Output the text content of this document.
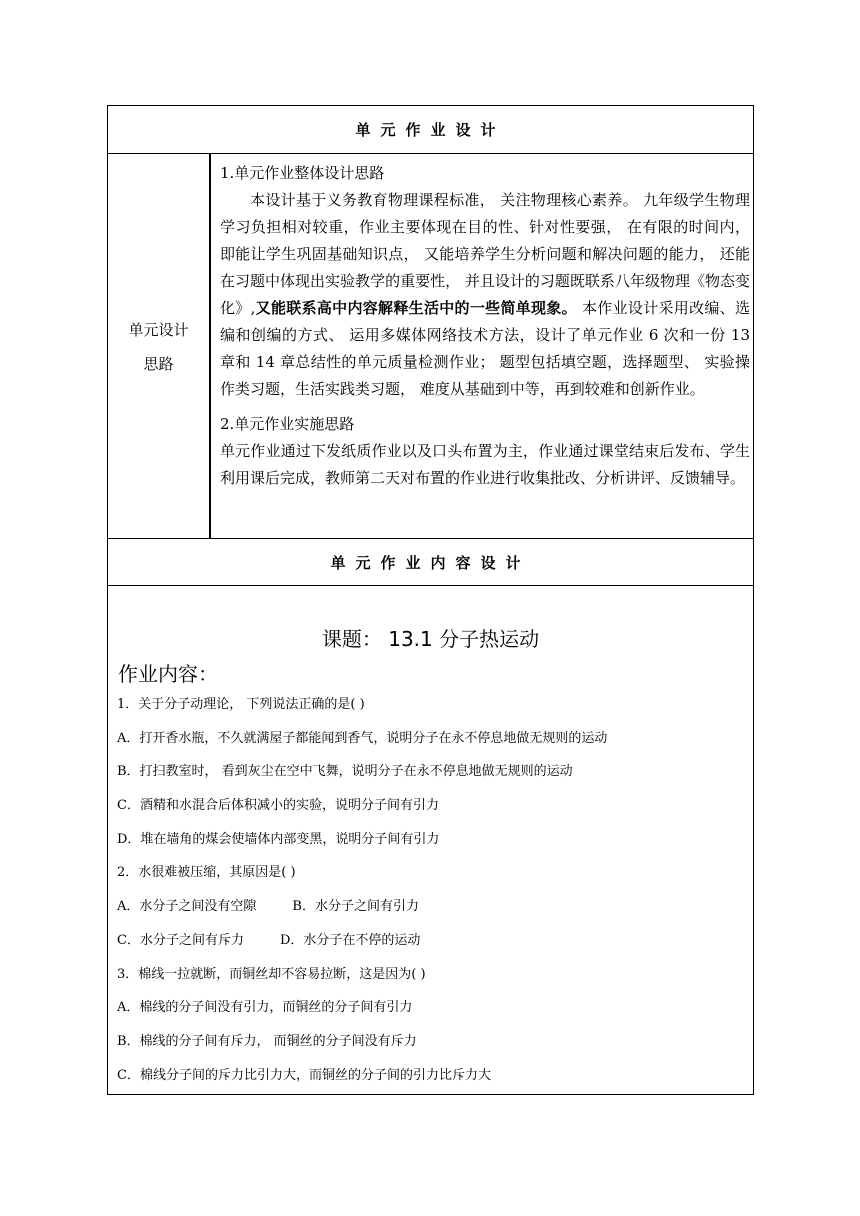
单元作业设计
单元设计
思路

1.单元作业整体设计思路

本设计基于义务教育物理课程标准， 关注物理核心素养。 九年级学生物理学习负担相对较重，作业主要体现在目的性、针对性要强， 在有限的时间内， 即能让学生巩固基础知识点， 又能培养学生分析问题和解决问题的能力， 还能在习题中体现出实验教学的重要性， 并且设计的习题既联系八年级物理《物态变化》,又能联系高中内容解释生活中的一些简单现象。 本作业设计采用改编、选编和创编的方式、 运用多媒体网络技术方法，设计了单元作业 6 次和一份 13 章和 14 章总结性的单元质量检测作业； 题型包括填空题，选择题型、 实验操作类习题，生活实践类习题， 难度从基础到中等，再到较难和创新作业。

2.单元作业实施思路

单元作业通过下发纸质作业以及口头布置为主，作业通过课堂结束后发布、学生利用课后完成，教师第二天对布置的作业进行收集批改、分析讲评、反馈辅导。

单元作业内容设计
课题： 13.1 分子热运动
作业内容：
1．关于分子动理论， 下列说法正确的是( )
A．打开香水瓶，不久就满屋子都能闻到香气，说明分子在永不停息地做无规则的运动
B．打扫教室时， 看到灰尘在空中飞舞，说明分子在永不停息地做无规则的运动
C．酒精和水混合后体积减小的实验，说明分子间有引力
D．堆在墙角的煤会使墙体内部变黑，说明分子间有引力
2．水很难被压缩，其原因是( )
A．水分子之间没有空隙	B．水分子之间有引力
C．水分子之间有斥力	D．水分子在不停的运动
3．棉线一拉就断，而铜丝却不容易拉断，这是因为( )
A．棉线的分子间没有引力，而铜丝的分子间有引力
B．棉线的分子间有斥力， 而铜丝的分子间没有斥力
C．棉线分子间的斥力比引力大，而铜丝的分子间的引力比斥力大
